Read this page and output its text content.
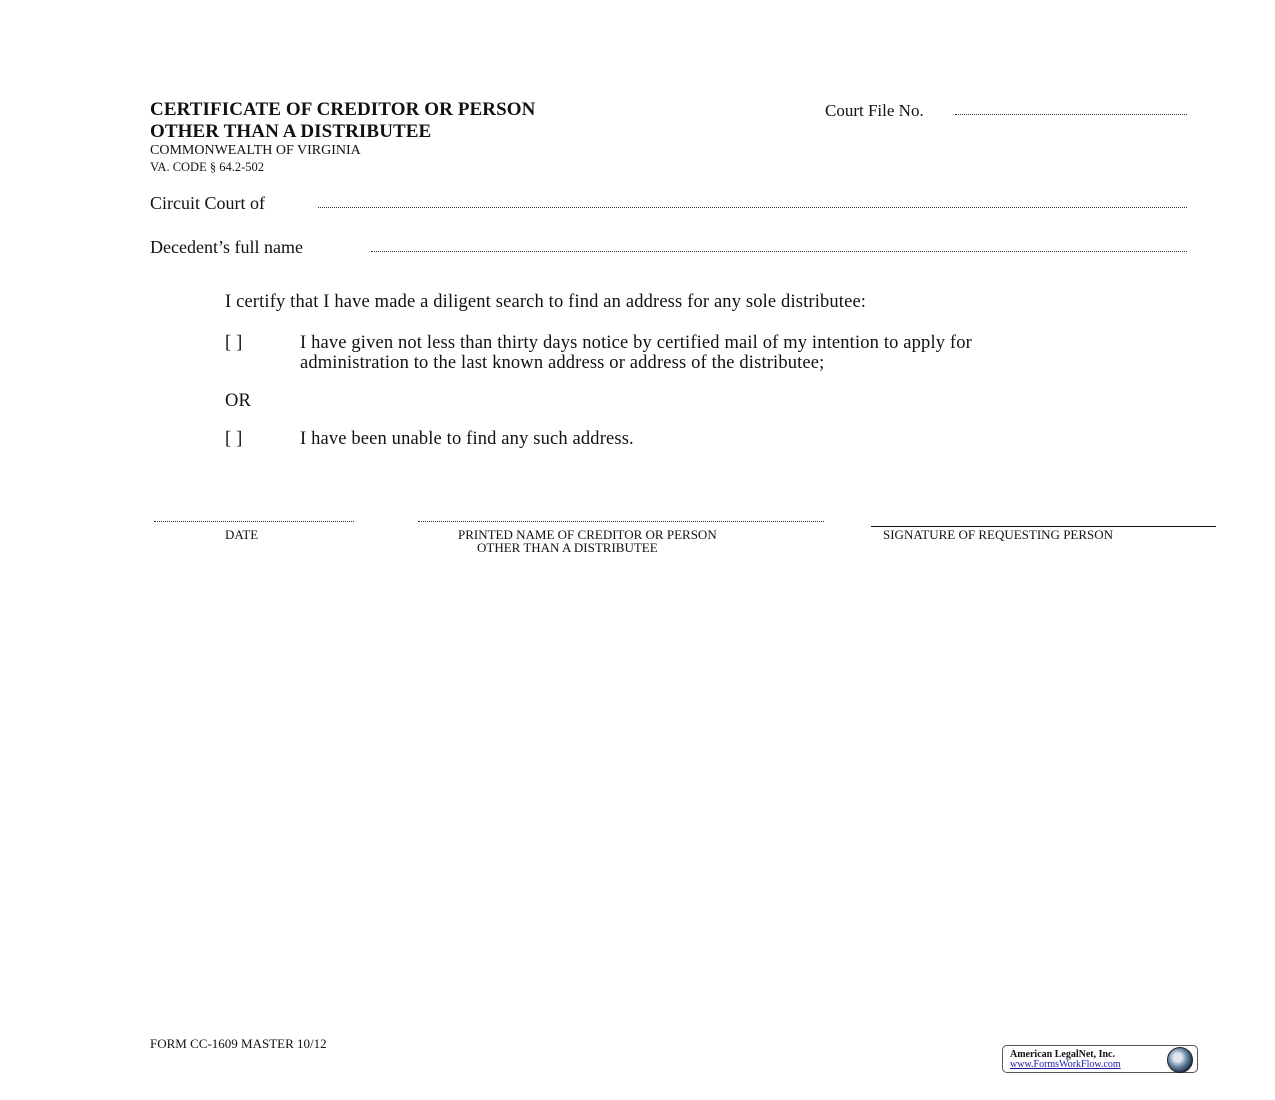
CERTIFICATE OF CREDITOR OR PERSON
OTHER THAN A DISTRIBUTEE
COMMONWEALTH OF VIRGINIA
VA. CODE § 64.2-502
Court File No.
Circuit Court of
Decedent’s full name
I certify that I have made a diligent search to find an address for any sole distributee:
[ ]	I have given not less than thirty days notice by certified mail of my intention to apply for
administration to the last known address or address of the distributee;
OR
[ ]	I have been unable to find any such address.
DATE	PRINTED NAME OF CREDITOR OR PERSON
OTHER THAN A DISTRIBUTEE
SIGNATURE OF REQUESTING PERSON
FORM CC-1609 MASTER 10/12
American LegalNet, Inc.
www.FormsWorkFlow.com
